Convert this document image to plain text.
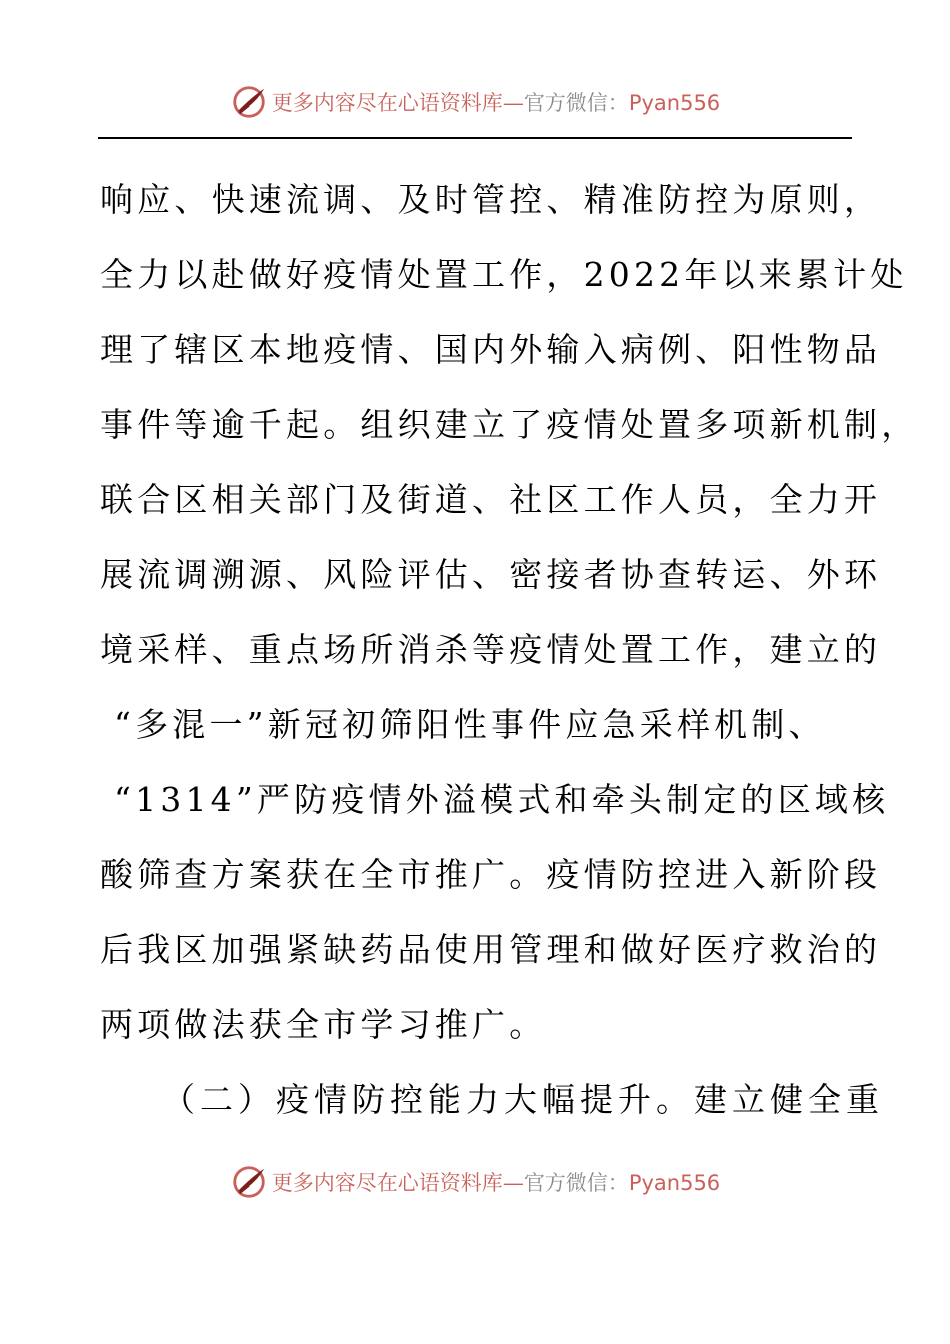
更多内容尽在心语资料库—官方微信：Pyan556
响应、快速流调、及时管控、精准防控为原则，
全力以赴做好疫情处置工作，2022年以来累计处
理了辖区本地疫情、国内外输入病例、阳性物品
事件等逾千起。组织建立了疫情处置多项新机制，
联合区相关部门及街道、社区工作人员，全力开
展流调溯源、风险评估、密接者协查转运、外环
境采样、重点场所消杀等疫情处置工作，建立的
“多混一”新冠初筛阳性事件应急采样机制、
“1314”严防疫情外溢模式和牵头制定的区域核
酸筛查方案获在全市推广。疫情防控进入新阶段
后我区加强紧缺药品使用管理和做好医疗救治的
两项做法获全市学习推广。
（二）疫情防控能力大幅提升。建立健全重
更多内容尽在心语资料库—官方微信：Pyan556
